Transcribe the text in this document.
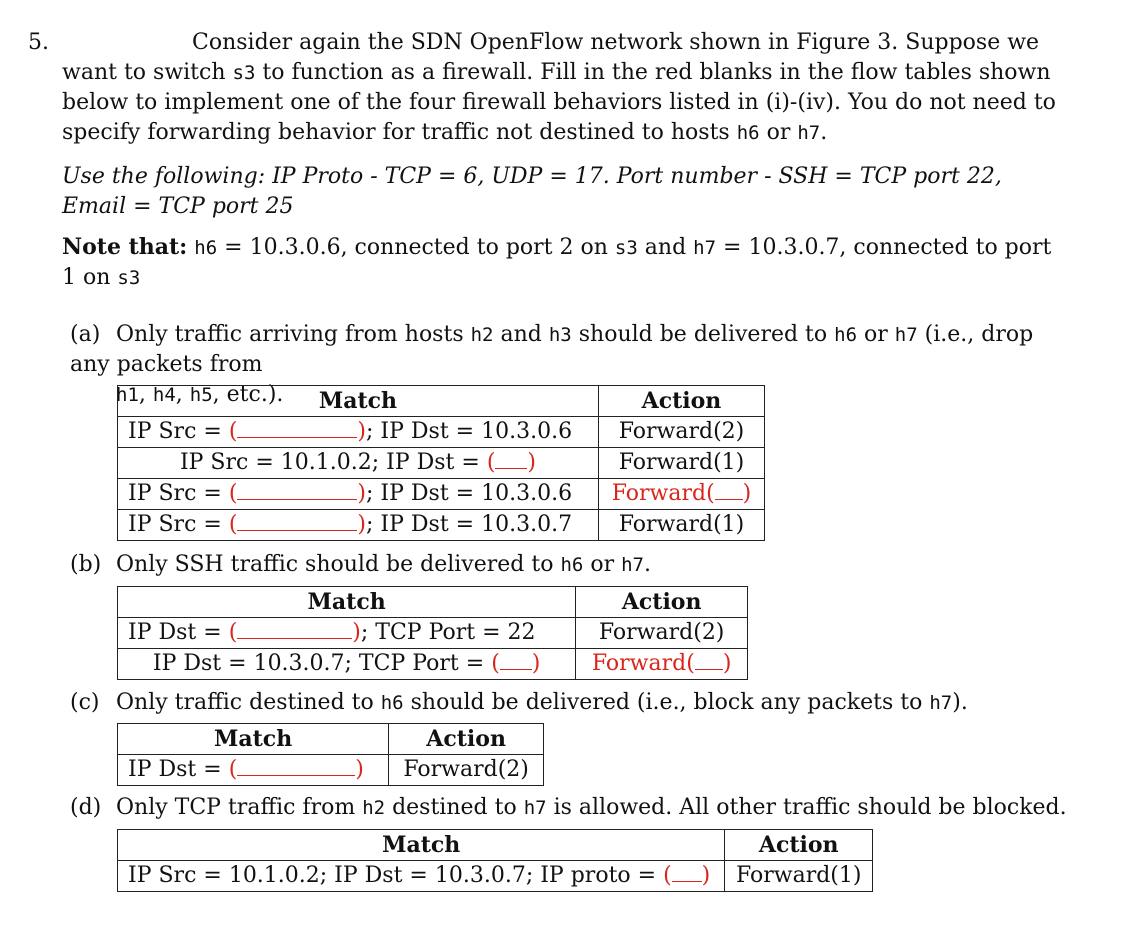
5.	Consider again the SDN OpenFlow network shown in Figure 3. Suppose we want to switch s3 to function as a firewall. Fill in the red blanks in the flow tables shown below to implement one of the four firewall behaviors listed in (i)-(iv). You do not need to specify forwarding behavior for traffic not destined to hosts h6 or h7.
Use the following: IP Proto - TCP = 6, UDP = 17. Port number - SSH = TCP port 22, Email = TCP port 25
Note that: h6 = 10.3.0.6, connected to port 2 on s3 and h7 = 10.3.0.7, connected to port 1 on s3
(a) Only traffic arriving from hosts h2 and h3 should be delivered to h6 or h7 (i.e., drop any packets from
h1, h4, h5, etc.).	Match	Action
IP Src = ( ); IP Dst = 10.3.0.6	Forward(2)
IP Src = 10.1.0.2; IP Dst = ( )	Forward(1)
IP Src = ( ); IP Dst = 10.3.0.6	Forward( )
IP Src = ( ); IP Dst = 10.3.0.7	Forward(1)
(b) Only SSH traffic should be delivered to h6 or h7.
Match	Action
IP Dst = ( ); TCP Port = 22	Forward(2)
IP Dst = 10.3.0.7; TCP Port = ( )	Forward( )
(c) Only traffic destined to h6 should be delivered (i.e., block any packets to h7).
Match	Action
IP Dst = ( )	Forward(2)
(d) Only TCP traffic from h2 destined to h7 is allowed. All other traffic should be blocked.
Match	Action
IP Src = 10.1.0.2; IP Dst = 10.3.0.7; IP proto = ( )	Forward(1)
